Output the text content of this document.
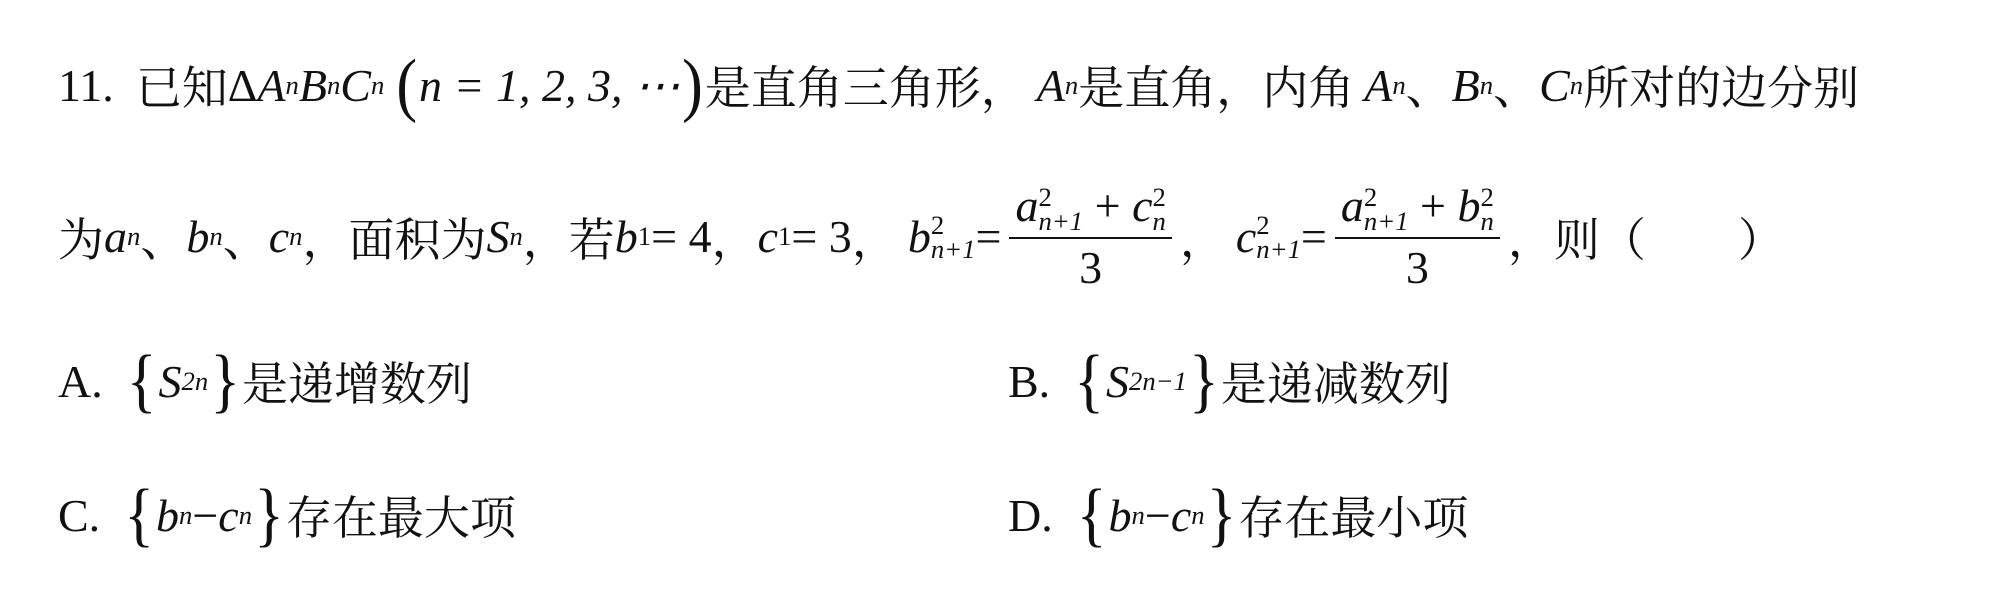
11 . 已知 Δ A n B n C n ( n = 1, 2, 3, ⋯ ) 是直角三角形， A n 是直角，内角 A n 、 B n 、 C n 所对的边分别
为 a n 、 b n 、 c n ，面积为 S n ，若 b 1 = 4 ， c 1 = 3 ， b 2
n+1 = a 2
n+1 + c 2
n
3 ， c 2
n+1 = a 2
n+1 + b 2
n
3 ，则（　　）
A. { S 2n } 是递增数列	B. { S 2n−1 } 是递减数列
C. { b n − c n } 存在最大项	D. { b n − c n } 存在最小项
